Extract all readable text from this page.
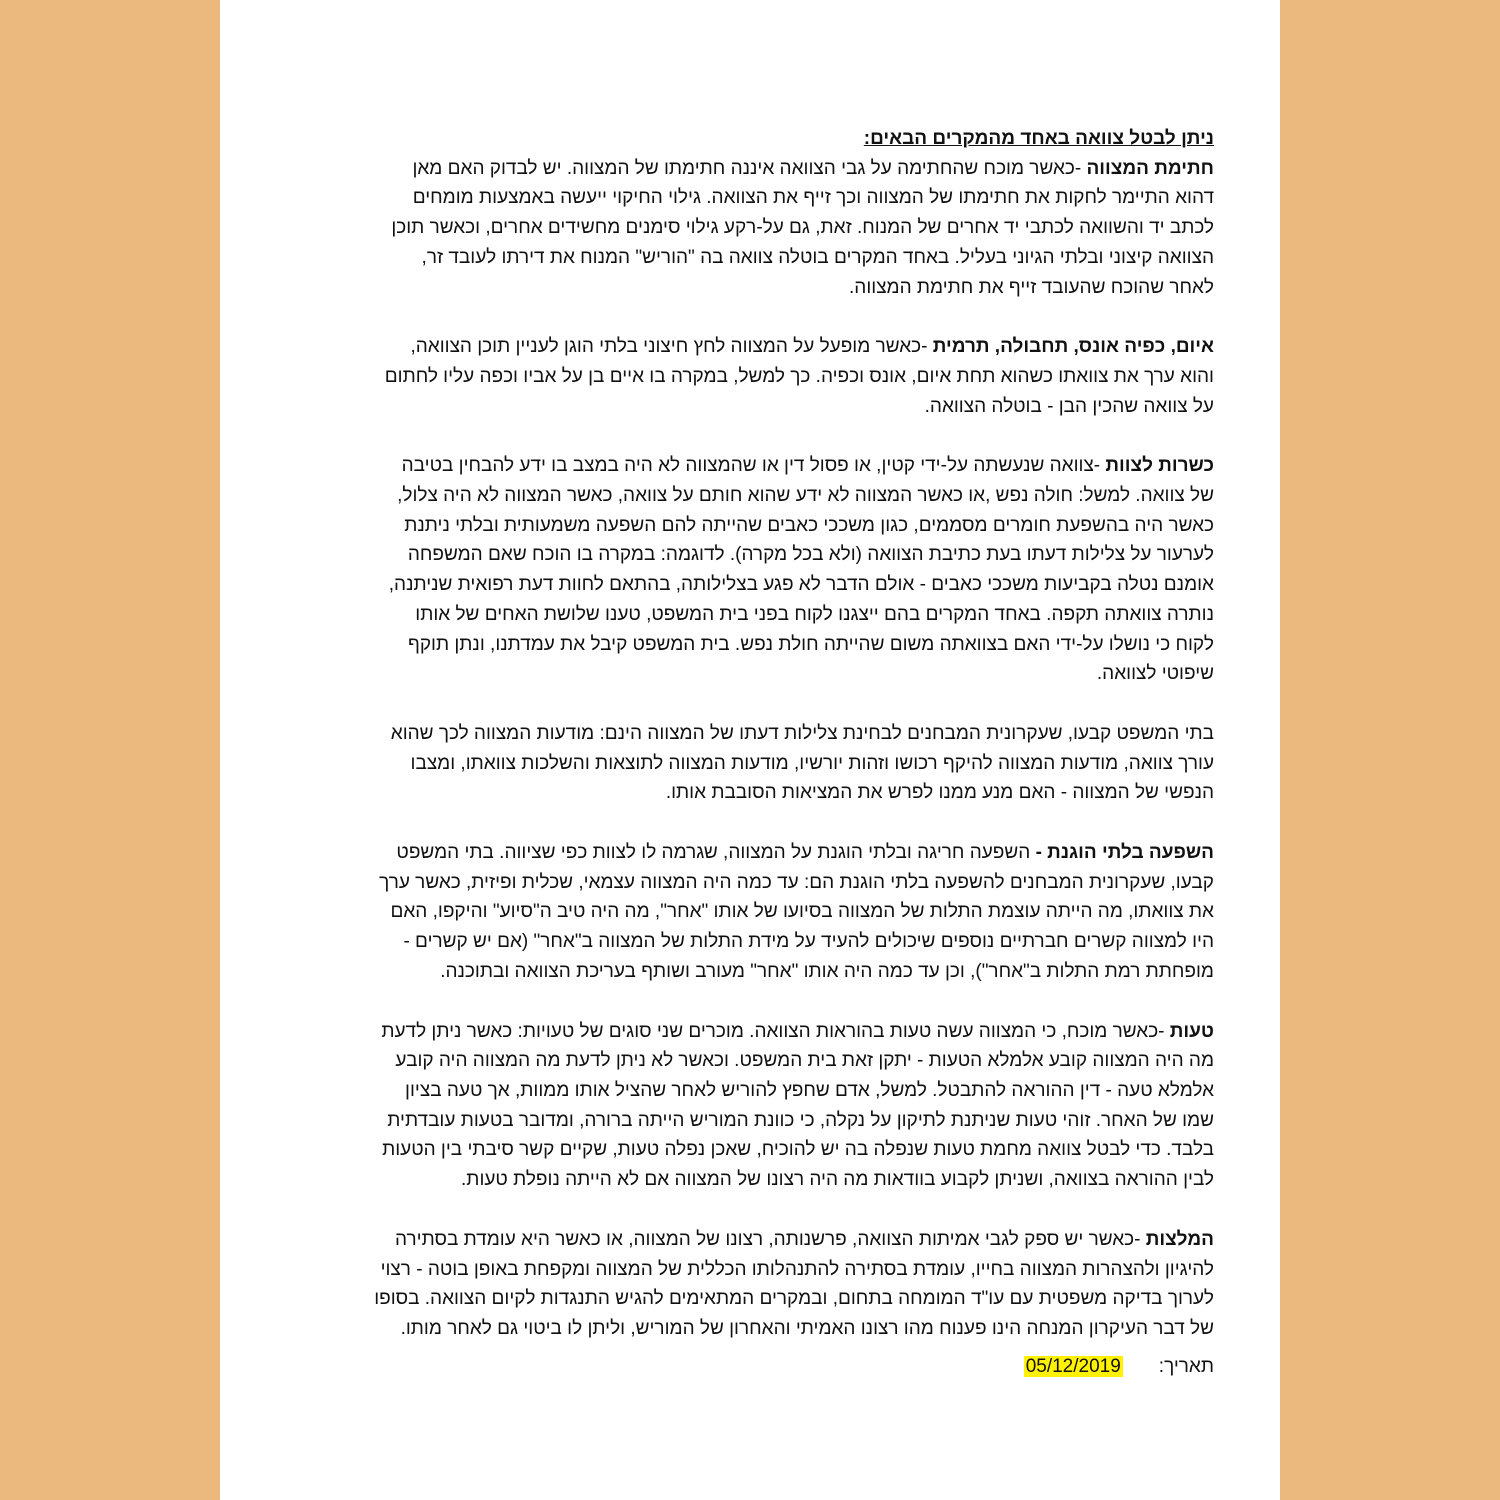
ניתן לבטל צוואה באחד מהמקרים הבאים:

חתימת המצווה -כאשר מוכח שהחתימה על גבי הצוואה איננה חתימתו של המצווה. יש לבדוק האם מאן דהוא התיימר לחקות את חתימתו של המצווה וכך זייף את הצוואה. גילוי החיקוי ייעשה באמצעות מומחים לכתב יד והשוואה לכתבי יד אחרים של המנוח. זאת, גם על-רקע גילוי סימנים מחשידים אחרים, וכאשר תוכן הצוואה קיצוני ובלתי הגיוני בעליל. באחד המקרים בוטלה צוואה בה "הוריש" המנוח את דירתו לעובד זר, לאחר שהוכח שהעובד זייף את חתימת המצווה.

איום, כפיה אונס, תחבולה, תרמית -כאשר מופעל על המצווה לחץ חיצוני בלתי הוגן לעניין תוכן הצוואה, והוא ערך את צוואתו כשהוא תחת איום, אונס וכפיה. כך למשל, במקרה בו איים בן על אביו וכפה עליו לחתום על צוואה שהכין הבן - בוטלה הצוואה.

כשרות לצוות -צוואה שנעשתה על-ידי קטין, או פסול דין או שהמצווה לא היה במצב בו ידע להבחין בטיבה של צוואה. למשל: חולה נפש ,או כאשר המצווה לא ידע שהוא חותם על צוואה, כאשר המצווה לא היה צלול, כאשר היה בהשפעת חומרים מסממים, כגון משככי כאבים שהייתה להם השפעה משמעותית ובלתי ניתנת לערעור על צלילות דעתו בעת כתיבת הצוואה (ולא בכל מקרה). לדוגמה: במקרה בו הוכח שאם המשפחה אומנם נטלה בקביעות משככי כאבים - אולם הדבר לא פגע בצלילותה, בהתאם לחוות דעת רפואית שניתנה, נותרה צוואתה תקפה. באחד המקרים בהם ייצגנו לקוח בפני בית המשפט, טענו שלושת האחים של אותו לקוח כי נושלו על-ידי האם בצוואתה משום שהייתה חולת נפש. בית המשפט קיבל את עמדתנו, ונתן תוקף שיפוטי לצוואה.

בתי המשפט קבעו, שעקרונית המבחנים לבחינת צלילות דעתו של המצווה הינם: מודעות המצווה לכך שהוא עורך צוואה, מודעות המצווה להיקף רכושו וזהות יורשיו, מודעות המצווה לתוצאות והשלכות צוואתו, ומצבו הנפשי של המצווה - האם מנע ממנו לפרש את המציאות הסובבת אותו.

השפעה בלתי הוגנת - השפעה חריגה ובלתי הוגנת על המצווה, שגרמה לו לצוות כפי שציווה. בתי המשפט קבעו, שעקרונית המבחנים להשפעה בלתי הוגנת הם: עד כמה היה המצווה עצמאי, שכלית ופיזית, כאשר ערך את צוואתו, מה הייתה עוצמת התלות של המצווה בסיועו של אותו "אחר", מה היה טיב ה"סיוע" והיקפו, האם היו למצווה קשרים חברתיים נוספים שיכולים להעיד על מידת התלות של המצווה ב"אחר" (אם יש קשרים - מופחתת רמת התלות ב"אחר"), וכן עד כמה היה אותו "אחר" מעורב ושותף בעריכת הצוואה ובתוכנה.

טעות -כאשר מוכח, כי המצווה עשה טעות בהוראות הצוואה. מוכרים שני סוגים של טעויות: כאשר ניתן לדעת מה היה המצווה קובע אלמלא הטעות - יתקן זאת בית המשפט. וכאשר לא ניתן לדעת מה המצווה היה קובע אלמלא טעה - דין ההוראה להתבטל. למשל, אדם שחפץ להוריש לאחר שהציל אותו ממוות, אך טעה בציון שמו של האחר. זוהי טעות שניתנת לתיקון על נקלה, כי כוונת המוריש הייתה ברורה, ומדובר בטעות עובדתית בלבד. כדי לבטל צוואה מחמת טעות שנפלה בה יש להוכיח, שאכן נפלה טעות, שקיים קשר סיבתי בין הטעות לבין ההוראה בצוואה, ושניתן לקבוע בוודאות מה היה רצונו של המצווה אם לא הייתה נופלת טעות.

המלצות -כאשר יש ספק לגבי אמיתות הצוואה, פרשנותה, רצונו של המצווה, או כאשר היא עומדת בסתירה להיגיון ולהצהרות המצווה בחייו, עומדת בסתירה להתנהלותו הכללית של המצווה ומקפחת באופן בוטה - רצוי לערוך בדיקה משפטית עם עו"ד המומחה בתחום, ובמקרים המתאימים להגיש התנגדות לקיום הצוואה. בסופו של דבר העיקרון המנחה הינו פענוח מהו רצונו האמיתי והאחרון של המוריש, וליתן לו ביטוי גם לאחר מותו.

תאריך:05/12/2019
